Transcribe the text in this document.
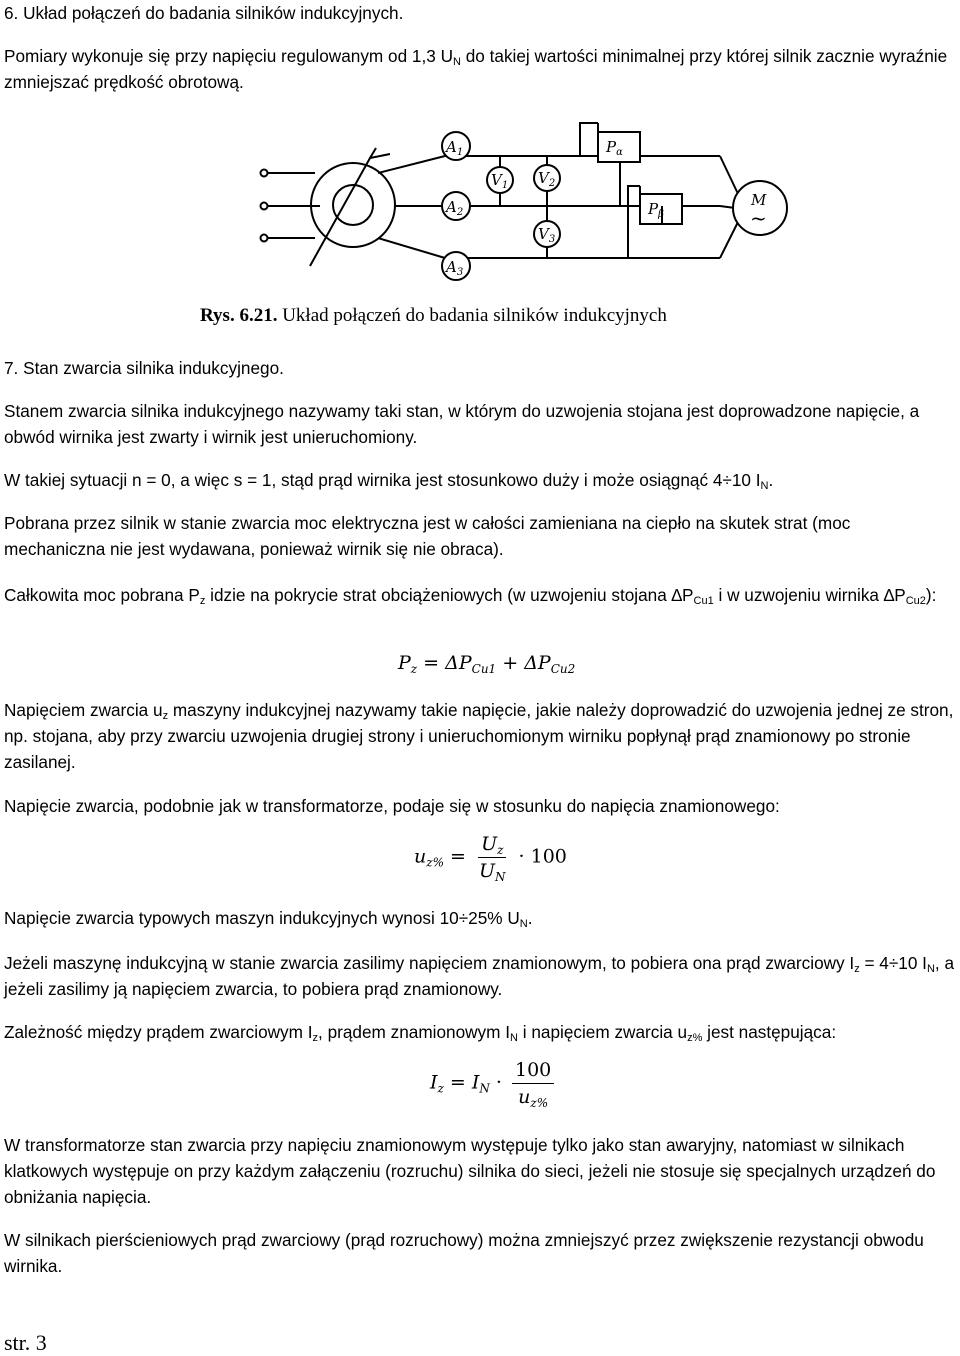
6. Układ połączeń do badania silników indukcyjnych.
Pomiary wykonuje się przy napięciu regulowanym od 1,3 $U_N$ do takiej wartości minimalnej przy której silnik zacznie wyraźnie zmniejszać prędkość obrotową.
$A_1$
$A_2$
$A_3$
$V_1$ $V_2$
$V_3$
$P_\alpha$
$P_\beta$
M
~
Rys. 6.21. Układ połączeń do badania silników indukcyjnych
7. Stan zwarcia silnika indukcyjnego.
Stanem zwarcia silnika indukcyjnego nazywamy taki stan, w którym do uzwojenia stojana jest doprowadzone napięcie, a obwód wirnika jest zwarty i wirnik jest unieruchomiony.
W takiej sytuacji n = 0, a więc s = 1, stąd prąd wirnika jest stosunkowo duży i może osiągnąć 4÷10 $I_N$.
Pobrana przez silnik w stanie zwarcia moc elektryczna jest w całości zamieniana na ciepło na skutek strat (moc mechaniczna nie jest wydawana, ponieważ wirnik się nie obraca).
Całkowita moc pobrana $P_z$ idzie na pokrycie strat obciążeniowych (w uzwojeniu stojana $\Delta P_{Cu1}$ i w uzwojeniu wirnika $\Delta P_{Cu2}$):
$P_z = \Delta P_{Cu1} + \Delta P_{Cu2}$
Napięciem zwarcia $u_z$ maszyny indukcyjnej nazywamy takie napięcie, jakie należy doprowadzić do uzwojenia jednej ze stron, np. stojana, aby przy zwarciu uzwojenia drugiej strony i unieruchomionym wirniku popłynął prąd znamionowy po stronie zasilanej.
Napięcie zwarcia, podobnie jak w transformatorze, podaje się w stosunku do napięcia znamionowego:
$u_{z\%} = \frac{U_z}{U_N} \cdot 100$
Napięcie zwarcia typowych maszyn indukcyjnych wynosi 10÷25% $U_N$.
Jeżeli maszynę indukcyjną w stanie zwarcia zasilimy napięciem znamionowym, to pobiera ona prąd zwarciowy $I_z = 4\div 10$ $I_N$, a jeżeli zasilimy ją napięciem zwarcia, to pobiera prąd znamionowy.
Zależność między prądem zwarciowym $I_z$, prądem znamionowym $I_N$ i napięciem zwarcia $u_{z\%}$ jest następująca:
$I_z = I_N \cdot \frac{100}{u_{z\%}}$
W transformatorze stan zwarcia przy napięciu znamionowym występuje tylko jako stan awaryjny, natomiast w silnikach klatkowych występuje on przy każdym załączeniu (rozruchu) silnika do sieci, jeżeli nie stosuje się specjalnych urządzeń do obniżania napięcia.
W silnikach pierścieniowych prąd zwarciowy (prąd rozruchowy) można zmniejszyć przez zwiększenie rezystancji obwodu wirnika.
str. 3
